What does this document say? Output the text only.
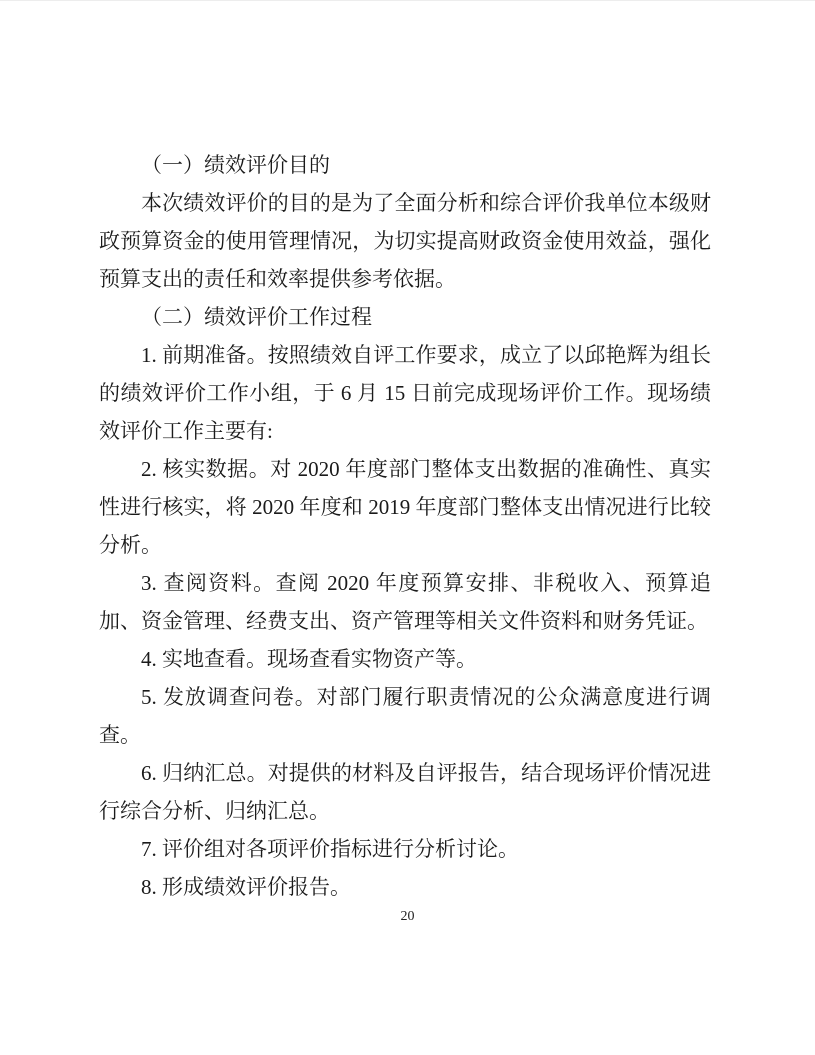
（一）绩效评价目的

本次绩效评价的目的是为了全面分析和综合评价我单位本级财政预算资金的使用管理情况，为切实提高财政资金使用效益，强化预算支出的责任和效率提供参考依据。

（二）绩效评价工作过程

1. 前期准备。按照绩效自评工作要求，成立了以邱艳辉为组长的绩效评价工作小组，于 6 月 15 日前完成现场评价工作。现场绩效评价工作主要有:

2. 核实数据。对 2020 年度部门整体支出数据的准确性、真实性进行核实，将 2020 年度和 2019 年度部门整体支出情况进行比较分析。

3. 查阅资料。查阅 2020 年度预算安排、非税收入、预算追加、资金管理、经费支出、资产管理等相关文件资料和财务凭证。

4. 实地查看。现场查看实物资产等。

5. 发放调查问卷。对部门履行职责情况的公众满意度进行调查。

6. 归纳汇总。对提供的材料及自评报告，结合现场评价情况进行综合分析、归纳汇总。

7. 评价组对各项评价指标进行分析讨论。

8. 形成绩效评价报告。

20
